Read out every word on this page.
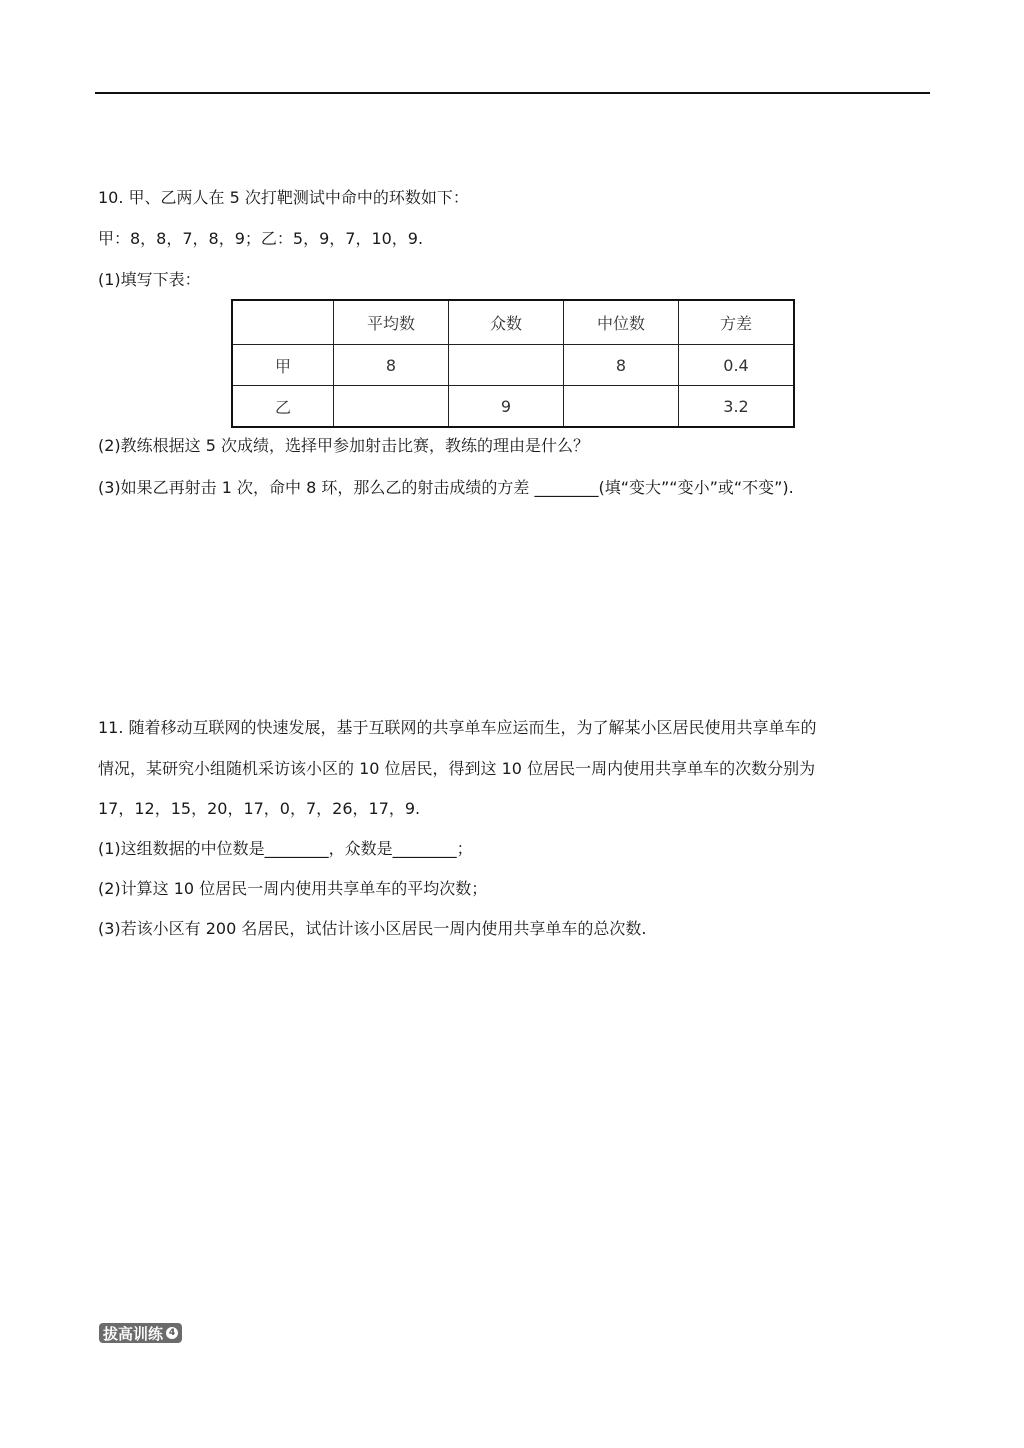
10. 甲、乙两人在 5 次打靶测试中命中的环数如下：
甲：8，8，7，8，9；乙：5，9，7，10，9.
(1)填写下表：
	平均数	众数	中位数	方差
甲	8		8	0.4
乙		9		3.2
(2)教练根据这 5 次成绩，选择甲参加射击比赛，教练的理由是什么？
(3)如果乙再射击 1 次，命中 8 环，那么乙的射击成绩的方差 ________(填“变大”“变小”或“不变”).
11. 随着移动互联网的快速发展，基于互联网的共享单车应运而生，为了解某小区居民使用共享单车的
情况，某研究小组随机采访该小区的 10 位居民，得到这 10 位居民一周内使用共享单车的次数分别为
17，12，15，20，17，0，7，26，17，9.
(1)这组数据的中位数是________，众数是________；
(2)计算这 10 位居民一周内使用共享单车的平均次数；
(3)若该小区有 200 名居民，试估计该小区居民一周内使用共享单车的总次数.
拔高训练 4
